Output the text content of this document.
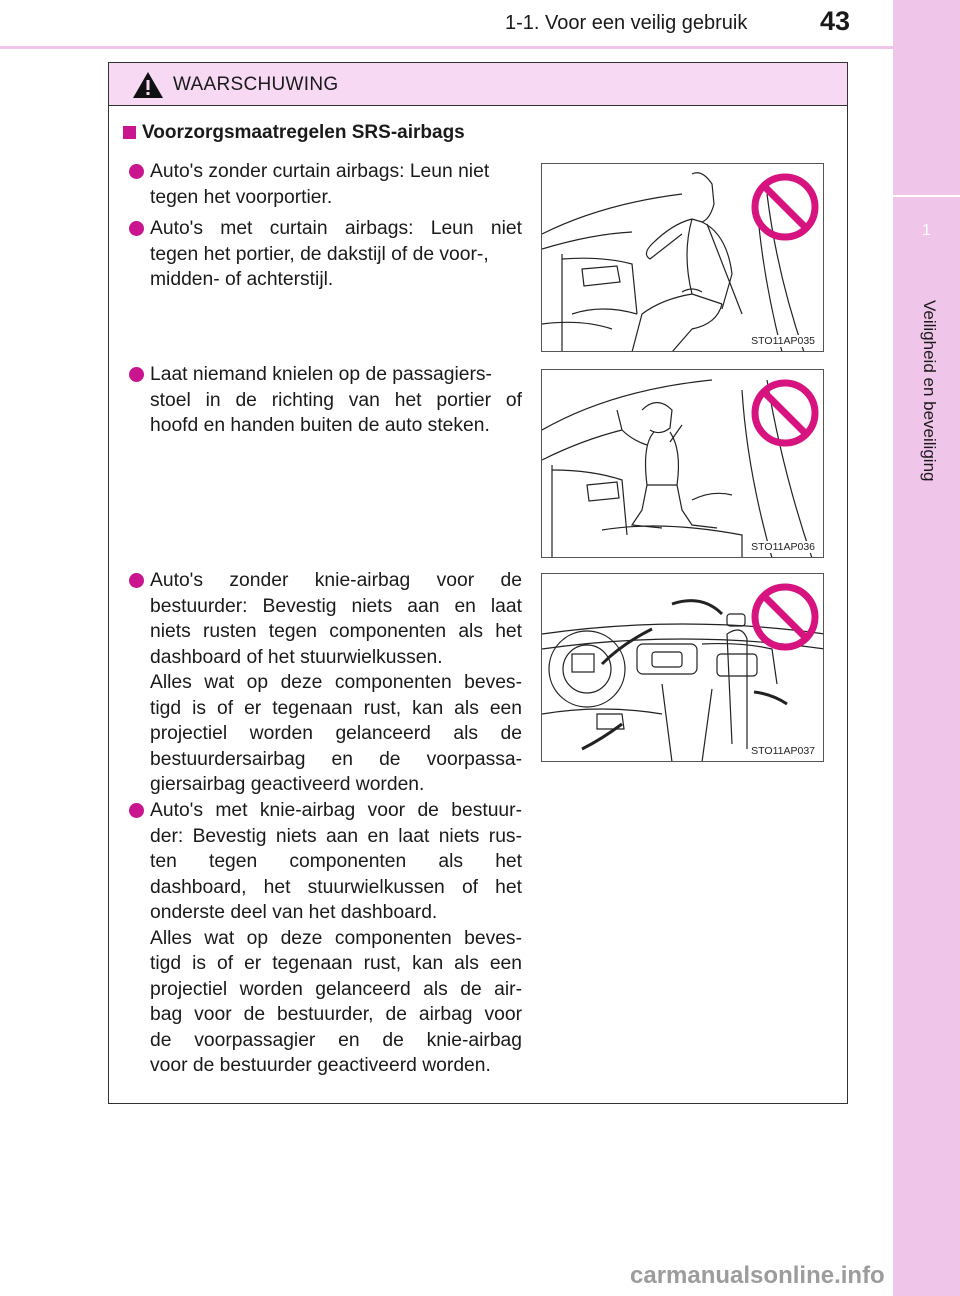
1
Veiligheid en beveiliging
1-1. Voor een veilig gebruik	43
WAARSCHUWING
Voorzorgsmaatregelen SRS-airbags
Auto's zonder curtain airbags: Leun niet
tegen het voorportier.
Auto's met curtain airbags: Leun niet
tegen het portier, de dakstijl of de voor-,
midden- of achterstijl.
Laat niemand knielen op de passagiers-
stoel in de richting van het portier of
hoofd en handen buiten de auto steken.
Auto's zonder knie-airbag voor de
bestuurder: Bevestig niets aan en laat
niets rusten tegen componenten als het
dashboard of het stuurwielkussen.
Alles wat op deze componenten beves-
tigd is of er tegenaan rust, kan als een
projectiel worden gelanceerd als de
bestuurdersairbag en de voorpassa-
giersairbag geactiveerd worden.
Auto's met knie-airbag voor de bestuur-
der: Bevestig niets aan en laat niets rus-
ten tegen componenten als het
dashboard, het stuurwielkussen of het
onderste deel van het dashboard.
Alles wat op deze componenten beves-
tigd is of er tegenaan rust, kan als een
projectiel worden gelanceerd als de air-
bag voor de bestuurder, de airbag voor
de voorpassagier en de knie-airbag
voor de bestuurder geactiveerd worden.
STO11AP035
STO11AP036
STO11AP037
carmanualsonline.info
